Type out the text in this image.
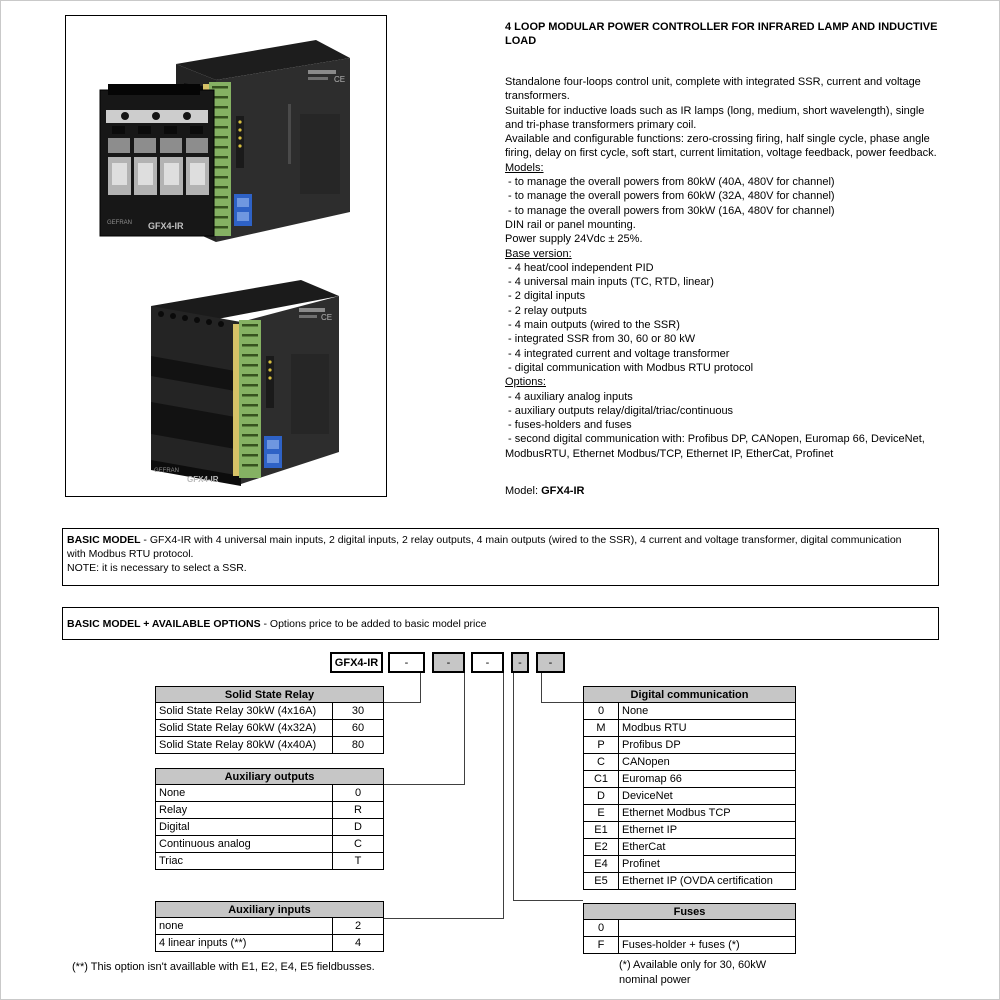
CE
GEFRAN GFX4-IR
GEFRAN
GFX4-IR
CE
4 LOOP MODULAR POWER CONTROLLER FOR INFRARED LAMP AND INDUCTIVE
LOAD
Standalone four-loops control unit, complete with integrated SSR, current and voltage
transformers.
Suitable for inductive loads such as IR lamps (long, medium, short wavelength), single
and tri-phase transformers primary coil.
Available and configurable functions: zero-crossing firing, half single cycle, phase angle
firing, delay on first cycle, soft start, current limitation, voltage feedback, power feedback.
Models:
- to manage the overall powers from 80kW (40A, 480V for channel)
- to manage the overall powers from 60kW (32A, 480V for channel)
- to manage the overall powers from 30kW (16A, 480V for channel)
DIN rail or panel mounting.
Power supply 24Vdc ± 25%.
Base version:
- 4 heat/cool independent PID
- 4 universal main inputs (TC, RTD, linear)
- 2 digital inputs
- 2 relay outputs
- 4 main outputs (wired to the SSR)
- integrated SSR from 30, 60 or 80 kW
- 4 integrated current and voltage transformer
- digital communication with Modbus RTU protocol
Options:
- 4 auxiliary analog inputs
- auxiliary outputs relay/digital/triac/continuous
- fuses-holders and fuses
- second digital communication with: Profibus DP, CANopen, Euromap 66, DeviceNet,
ModbusRTU, Ethernet Modbus/TCP, Ethernet IP, EtherCat, Profinet
Model: GFX4-IR
BASIC MODEL - GFX4-IR with 4 universal main inputs, 2 digital inputs, 2 relay outputs, 4 main outputs (wired to the SSR), 4 current and voltage transformer, digital communication
with Modbus RTU protocol.
NOTE: it is necessary to select a SSR.
BASIC MODEL + AVAILABLE OPTIONS - Options price to be added to basic model price
GFX4-IR	-	-	-	-	-
Solid State Relay	
Solid State Relay 30kW (4x16A)	30
Solid State Relay 60kW (4x32A)	60
Solid State Relay 80kW (4x40A)	80
Auxiliary outputs	
None	0
Relay	R
Digital	D
Continuous analog	C
Triac	T
Auxiliary inputs	
none	2
4 linear inputs (**)	4
Digital communication	
0	None
M	Modbus RTU
P	Profibus DP
C	CANopen
C1	Euromap 66
D	DeviceNet
E	Ethernet Modbus TCP
E1	Ethernet IP
E2	EtherCat
E4	Profinet
E5	Ethernet IP (OVDA certification
Fuses	
0	
F	Fuses-holder + fuses (*)
(**) This option isn't availlable with E1, E2, E4, E5 fieldbusses.	(*) Available only for 30, 60kW
nominal power
